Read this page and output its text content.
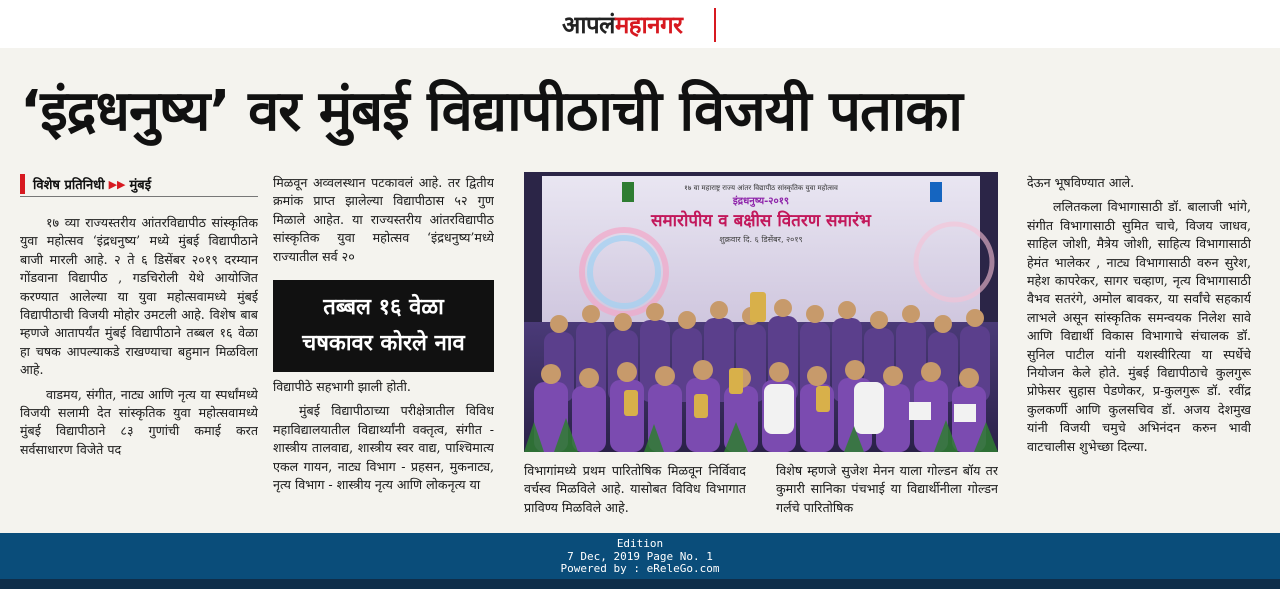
आपलं महानगर
‘इंद्रधनुष्य’ वर मुंबई विद्यापीठाची विजयी पताका
विशेष प्रतिनिधी ▶▶ मुंबई

१७ व्या राज्यस्तरीय आंतरविद्यापीठ सांस्कृतिक युवा महोत्सव ‘इंद्रधनुष्य’ मध्ये मुंबई विद्यापीठाने बाजी मारली आहे. २ ते ६ डिसेंबर २०१९ दरम्यान गोंडवाना विद्यापीठ , गडचिरोली येथे आयोजित करण्यात आलेल्या या युवा महोत्सवामध्ये मुंबई विद्यापीठाची विजयी मोहोर उमटली आहे. विशेष बाब म्हणजे आतापर्यंत मुंबई विद्यापीठाने तब्बल १६ वेळा हा चषक आपल्याकडे राखण्याचा बहुमान मिळविला आहे.

वाडमय, संगीत, नाट्य आणि नृत्य या स्पर्धांमध्ये विजयी सलामी देत सांस्कृतिक युवा महोत्सवामध्ये मुंबई विद्यापीठाने ८३ गुणांची कमाई करत सर्वसाधारण विजेते पद

मिळवून अव्वलस्थान पटकावलं आहे. तर द्वितीय क्रमांक प्राप्त झालेल्या विद्यापीठास ५२ गुण मिळाले आहेत. या राज्यस्तरीय आंतरविद्यापीठ सांस्कृतिक युवा महोत्सव ‘इंद्रधनुष्य’मध्ये राज्यातील सर्व २०

तब्बल १६ वेळा
चषकावर कोरले नाव

विद्यापीठे सहभागी झाली होती.

मुंबई विद्यापीठाच्या परीक्षेत्रातील विविध महाविद्यालयातील विद्यार्थ्यांनी वक्तृत्व, संगीत - शास्त्रीय तालवाद्य, शास्त्रीय स्वर वाद्य, पाश्चिमात्य एकल गायन, नाट्य विभाग - प्रहसन, मुकनाट्य, नृत्य विभाग - शास्त्रीय नृत्य आणि लोकनृत्य या

१७ वा महाराष्ट्र राज्य आंतर विद्यापीठ सांस्कृतिक युवा महोत्सव
इंद्रधनुष्य-२०१९
समारोपीय व बक्षीस वितरण समारंभ
शुक्रवार दि. ६ डिसेंबर, २०१९

विभागांमध्ये प्रथम पारितोषिक मिळवून निर्विवाद वर्चस्व मिळविले आहे. यासोबत विविध विभागात प्राविण्य मिळविले आहे.

विशेष म्हणजे सुजेश मेनन याला गोल्डन बॉय तर कुमारी सानिका पंचभाई या विद्यार्थीनीला गोल्डन गर्लचे पारितोषिक

देऊन भूषविण्यात आले.

ललितकला विभागासाठी डॉ. बालाजी भांगे, संगीत विभागासाठी सुमित चाचे, विजय जाधव, साहिल जोशी, मैत्रेय जोशी, साहित्य विभागासाठी हेमंत भालेकर , नाट्य विभागासाठी वरुन सुरेश, महेश कापरेकर, सागर चव्हाण, नृत्य विभागासाठी वैभव सतरंगे, अमोल बावकर, या सर्वांचे सहकार्य लाभले असून सांस्कृतिक समन्वयक निलेश सावे आणि विद्यार्थी विकास विभागाचे संचालक डॉ. सुनिल पाटील यांनी यशस्वीरित्या या स्पर्धेचे नियोजन केले होते. मुंबई विद्यापीठाचे कुलगुरू प्रोफेसर सुहास पेडणेकर, प्र-कुलगुरू डॉ. रवींद्र कुलकर्णी आणि कुलसचिव डॉ. अजय देशमुख यांनी विजयी चमुचे अभिनंदन करुन भावी वाटचालीस शुभेच्छा दिल्या.

Edition
7 Dec, 2019 Page No. 1
Powered by : eReleGo.com
